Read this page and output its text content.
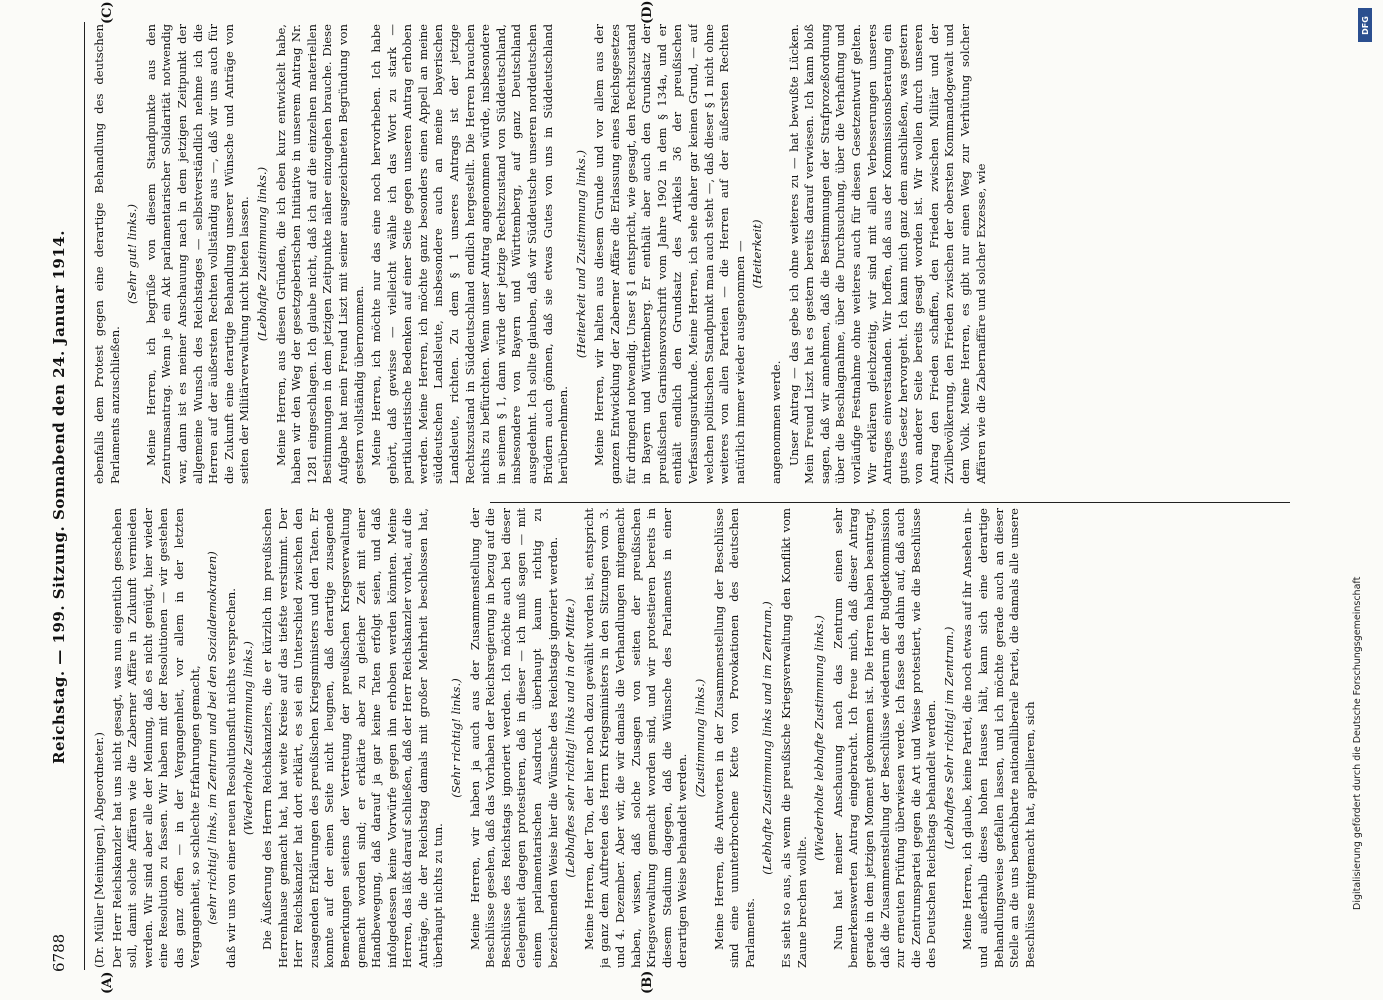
6788
Reichstag. — 199. Sitzung. Sonnabend den 24. Januar 1914.
(A)	(B)
(C)	(D)

(Dr. Müller [Meiningen], Abgeordneter.) Der Herr Reichskanzler hat uns nicht gesagt, was nun eigentlich geschehen soll, damit solche Affären wie die Zaberner Affäre in Zukunft vermieden werden. Wir sind aber alle der Meinung, daß es nicht genügt, hier wieder eine Resolution zu fassen. Wir haben mit der Resolutionen — wir gestehen das ganz offen — in der Vergangenheit, vor allem in der letzten Vergangenheit, so schlechte Erfahrungen gemacht, (sehr richtig! links, im Zentrum und bei den Sozialdemokraten) daß wir uns von einer neuen Resolutionsflut nichts versprechen. (Wiederholte Zustimmung links.) Die Äußerung des Herrn Reichskanzlers, die er kürzlich im preußischen Herrenhause gemacht hat, hat weite Kreise auf das tiefste verstimmt. Der Herr Reichskanzler hat dort erklärt, es sei ein Unterschied zwischen den zusagenden Erklärungen des preußischen Kriegsministers und den Taten. Er konnte auf der einen Seite nicht leugnen, daß derartige zusagende Bemerkungen seitens der Vertretung der preußischen Kriegsverwaltung gemacht worden sind; er erklärte aber zu gleicher Zeit mit einer Handbewegung, daß darauf ja gar keine Taten erfolgt seien, und daß infolgedessen keine Vorwürfe gegen ihn erhoben werden könnten. Meine Herren, das läßt darauf schließen, daß der Herr Reichskanzler vorhat, auf die Anträge, die der Reichstag damals mit großer Mehrheit beschlossen hat, überhaupt nichts zu tun.

(Sehr richtig! links.) Meine Herren, wir haben ja auch aus der Zusammenstellung der Beschlüsse gesehen, daß das Vorhaben der Reichsregierung in bezug auf die Beschlüsse des Reichstags ignoriert werden. Ich möchte auch bei dieser Gelegenheit dagegen protestieren, daß in dieser — ich muß sagen — mit einem parlamentarischen Ausdruck überhaupt kaum richtig zu bezeichnenden Weise hier die Wünsche des Reichstags ignoriert werden. (Lebhaftes sehr richtig! links und in der Mitte.) Meine Herren, der Ton, der hier noch dazu gewählt worden ist, entspricht ja ganz dem Auftreten des Herrn Kriegsministers in den Sitzungen vom 3. und 4. Dezember. Aber wir, die wir damals die Verhandlungen mitgemacht haben, wissen, daß solche Zusagen von seiten der preußischen Kriegsverwaltung gemacht worden sind, und wir protestieren bereits in diesem Stadium dagegen, daß die Wünsche des Parlaments in einer derartigen Weise behandelt werden.

(Zustimmung links.) Meine Herren, die Antworten in der Zusammenstellung der Beschlüsse sind eine ununterbrochene Kette von Provokationen des deutschen Parlaments.

(Lebhafte Zustimmung links und im Zentrum.) Es sieht so aus, als wenn die preußische Kriegsverwaltung den Konflikt vom Zaune brechen wollte.

(Wiederholte lebhafte Zustimmung links.) Nun hat meiner Anschauung nach das Zentrum einen sehr bemerkenswerten Antrag eingebracht. Ich freue mich, daß dieser Antrag gerade in dem jetzigen Moment gekommen ist. Die Herren haben beantragt, daß die Zusammenstellung der Beschlüsse wiederum der Budgetkommission zur erneuten Prüfung überwiesen werde. Ich fasse das dahin auf, daß auch die Zentrumspartei gegen die Art und Weise protestiert, wie die Beschlüsse des Deutschen Reichstags behandelt werden. (Lebhaftes Sehr richtig! im Zentrum.) Meine Herren, ich glaube, keine Partei, die noch etwas auf ihr Ansehen in- und außerhalb dieses hohen Hauses hält, kann sich eine derartige Behandlungsweise gefallen lassen, und ich möchte gerade auch an dieser Stelle an die uns benachbarte nationalliberale Partei, die damals alle unsere Beschlüsse mitgemacht hat, appellieren, sich

ebenfalls dem Protest gegen eine derartige Behandlung des deutschen Parlaments anzuschließen.

(Sehr gut! links.) Meine Herren, ich begrüße von diesem Standpunkte aus den Zentrumsantrag. Wenn je ein Akt parlamentarischer Solidarität notwendig war, dann ist es meiner Anschauung nach in dem jetzigen Zeitpunkt der allgemeine Wunsch des Reichstages — selbstverständlich nehme ich die Herren auf der äußersten Rechten vollständig aus —, daß wir uns auch für die Zukunft eine derartige Behandlung unserer Wünsche und Anträge von seiten der Militärverwaltung nicht bieten lassen. (Lebhafte Zustimmung links.) Meine Herren, aus diesen Gründen, die ich eben kurz entwickelt habe, haben wir den Weg der gesetzgeberischen Initiative in unserem Antrag Nr. 1281 eingeschlagen. Ich glaube nicht, daß ich auf die einzelnen materiellen Bestimmungen in dem jetzigen Zeitpunkte näher einzugehen brauche. Diese Aufgabe hat mein Freund Liszt mit seiner ausgezeichneten Begründung von gestern vollständig übernommen. Meine Herren, ich möchte nur das eine noch hervorheben. Ich habe gehört, daß gewisse — vielleicht wähle ich das Wort zu stark — partikularistische Bedenken auf einer Seite gegen unseren Antrag erhoben werden. Meine Herren, ich möchte ganz besonders einen Appell an meine süddeutschen Landsleute, insbesondere auch an meine bayerischen Landsleute, richten. Zu dem § 1 unseres Antrags ist der jetzige Rechtszustand in Süddeutschland endlich hergestellt. Die Herren brauchen nichts zu befürchten. Wenn unser Antrag angenommen würde, insbesondere in seinem § 1, dann würde der jetzige Rechtszustand von Süddeutschland, insbesondere von Bayern und Württemberg, auf ganz Deutschland ausgedehnt. Ich sollte glauben, daß wir Süddeutsche unseren norddeutschen Brüdern auch gönnen, daß sie etwas Gutes von uns in Süddeutschland herübernehmen.

(Heiterkeit und Zustimmung links.) Meine Herren, wir halten aus diesem Grunde und vor allem aus der ganzen Entwicklung der Zaberner Affäre die Erlassung eines Reichsgesetzes für dringend notwendig. Unser § 1 entspricht, wie gesagt, den Rechtszustand in Bayern und Württemberg. Er enthält aber auch den Grundsatz der preußischen Garnisonsvorschrift vom Jahre 1902 in dem § 134a, und er enthält endlich den Grundsatz des Artikels 36 der preußischen Verfassungsurkunde. Meine Herren, ich sehe daher gar keinen Grund, — auf welchen politischen Standpunkt man auch steht —, daß dieser § 1 nicht ohne weiteres von allen Parteien — die Herren auf der äußersten Rechten natürlich immer wieder ausgenommen — (Heiterkeit)

angenommen werde. Unser Antrag — das gebe ich ohne weiteres zu — hat bewußte Lücken. Mein Freund Liszt hat es gestern bereits darauf verwiesen. Ich kann bloß sagen, daß wir annehmen, daß die Bestimmungen der Strafprozeßordnung über die Beschlagnahme, über die Durchsuchung, über die Verhaftung und vorläufige Festnahme ohne weiteres auch für diesen Gesetzentwurf gelten. Wir erklären gleichzeitig, wir sind mit allen Verbesserungen unseres Antrages einverstanden. Wir hoffen, daß aus der Kommissionsberatung ein gutes Gesetz hervorgeht. Ich kann mich ganz dem anschließen, was gestern von anderer Seite bereits gesagt worden ist. Wir wollen durch unseren Antrag den Frieden schaffen, den Frieden zwischen Militär und der Zivilbevölkerung, den Frieden zwischen der obersten Kommandogewalt und dem Volk. Meine Herren, es gibt nur einen Weg zur Verhütung solcher Affären wie die Zabernaffäre und solcher Exzesse, wie

Digitalisierung gefördert durch die Deutsche Forschungsgemeinschaft
DFG
